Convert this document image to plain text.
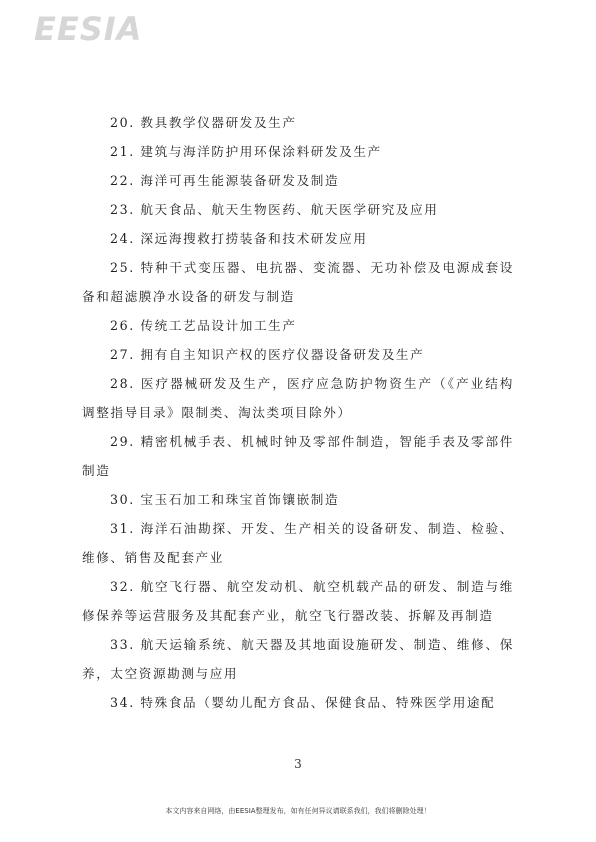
EESIA

20. 教具教学仪器研发及生产

21. 建筑与海洋防护用环保涂料研发及生产

22. 海洋可再生能源装备研发及制造

23. 航天食品、航天生物医药、航天医学研究及应用

24. 深远海搜救打捞装备和技术研发应用

25. 特种干式变压器、电抗器、变流器、无功补偿及电源成套设备和超滤膜净水设备的研发与制造

26. 传统工艺品设计加工生产

27. 拥有自主知识产权的医疗仪器设备研发及生产

28. 医疗器械研发及生产，医疗应急防护物资生产（《产业结构调整指导目录》限制类、淘汰类项目除外）

29. 精密机械手表、机械时钟及零部件制造，智能手表及零部件制造

30. 宝玉石加工和珠宝首饰镶嵌制造

31. 海洋石油勘探、开发、生产相关的设备研发、制造、检验、维修、销售及配套产业

32. 航空飞行器、航空发动机、航空机载产品的研发、制造与维修保养等运营服务及其配套产业，航空飞行器改装、拆解及再制造

33. 航天运输系统、航天器及其地面设施研发、制造、维修、保养，太空资源勘测与应用

34. 特殊食品（婴幼儿配方食品、保健食品、特殊医学用途配

3
本文内容来自网络，由EESIA整理发布，如有任何异议请联系我们，我们将删除处理！
